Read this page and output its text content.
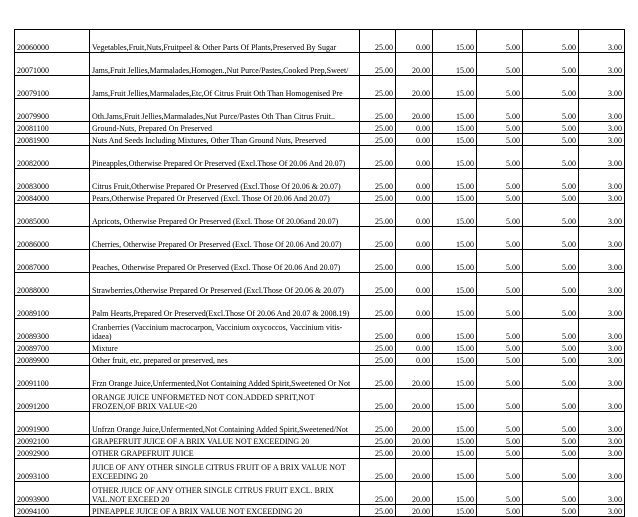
20060000	Vegetables,Fruit,Nuts,Fruitpeel & Other Parts Of Plants,Preserved By Sugar	25.00	0.00	15.00	5.00	5.00	3.00
20071000	Jams,Fruit Jellies,Marmalades,Homogen.,Nut Purce/Pastes,Cooked Prep,Sweet/	25.00	20.00	15.00	5.00	5.00	3.00
20079100	Jams,Fruit Jellies,Marmalades,Etc,Of Citrus Fruit Oth Than Homogenised Pre	25.00	20.00	15.00	5.00	5.00	3.00
20079900	Oth.Jams,Fruit Jellies,Marmalades,Nut Purce/Pastes Oth Than Citrus Fruit..	25.00	20.00	15.00	5.00	5.00	3.00
20081100	Ground-Nuts, Prepared On Preserved	25.00	0.00	15.00	5.00	5.00	3.00
20081900	Nuts And Seeds Including Mixtures, Other Than Ground Nuts, Preserved	25.00	0.00	15.00	5.00	5.00	3.00
20082000	Pineapples,Otherwise Prepared Or Preserved (Excl.Those Of 20.06 And 20.07)	25.00	0.00	15.00	5.00	5.00	3.00
20083000	Citrus Fruit,Otherwise Prepared Or Preserved (Excl.Those Of 20.06 & 20.07)	25.00	0.00	15.00	5.00	5.00	3.00
20084000	Pears,Otherwise Prepared Or Preserved (Excl. Those Of 20.06 And 20.07)	25.00	0.00	15.00	5.00	5.00	3.00
20085000	Apricots, Otherwise Prepared Or Preserved (Excl. Those Of 20.06and 20.07)	25.00	0.00	15.00	5.00	5.00	3.00
20086000	Cherries, Otherwise Prepared Or Preserved (Excl. Those Of 20.06 And 20.07)	25.00	0.00	15.00	5.00	5.00	3.00
20087000	Peaches, Otherwise Prepared Or Preserved (Excl. Those Of 20.06 And 20.07)	25.00	0.00	15.00	5.00	5.00	3.00
20088000	Strawberries,Otherwise Prepared Or Preserved (Excl.Those Of 20.06 & 20.07)	25.00	0.00	15.00	5.00	5.00	3.00
20089100	Palm Hearts,Prepared Or Preserved(Excl.Those Of 20.06 And 20.07 & 2008.19)	25.00	0.00	15.00	5.00	5.00	3.00
20089300	Cranberries (Vaccinium macrocarpon, Vaccinium oxycoccos, Vaccinium vitis-idaea)	25.00	0.00	15.00	5.00	5.00	3.00
20089700	Mixture	25.00	0.00	15.00	5.00	5.00	3.00
20089900	Other fruit, etc, prepared or preserved, nes	25.00	0.00	15.00	5.00	5.00	3.00
20091100	Frzn Orange Juice,Unfermented,Not Containing Added Spirit,Sweetened Or Not	25.00	20.00	15.00	5.00	5.00	3.00
20091200	ORANGE JUICE UNFORMETED NOT CON.ADDED SPRIT,NOT FROZEN,OF BRIX VALUE<20	25.00	20.00	15.00	5.00	5.00	3.00
20091900	Unfrzn Orange Juice,Unfermented,Not Containing Added Spirit,Sweetened/Not	25.00	20.00	15.00	5.00	5.00	3.00
20092100	GRAPEFRUIT JUICE OF A BRIX VALUE NOT EXCEEDING 20	25.00	20.00	15.00	5.00	5.00	3.00
20092900	OTHER GRAPEFRUIT JUICE	25.00	20.00	15.00	5.00	5.00	3.00
20093100	JUICE OF ANY OTHER SINGLE CITRUS FRUIT OF A BRIX VALUE NOT EXCEEDING 20	25.00	20.00	15.00	5.00	5.00	3.00
20093900	OTHER JUICE OF ANY OTHER SINGLE CITRUS FRUIT EXCL. BRIX VAL.NOT EXCEED 20	25.00	20.00	15.00	5.00	5.00	3.00
20094100	PINEAPPLE JUICE OF A BRIX VALUE NOT EXCEEDING 20	25.00	20.00	15.00	5.00	5.00	3.00
